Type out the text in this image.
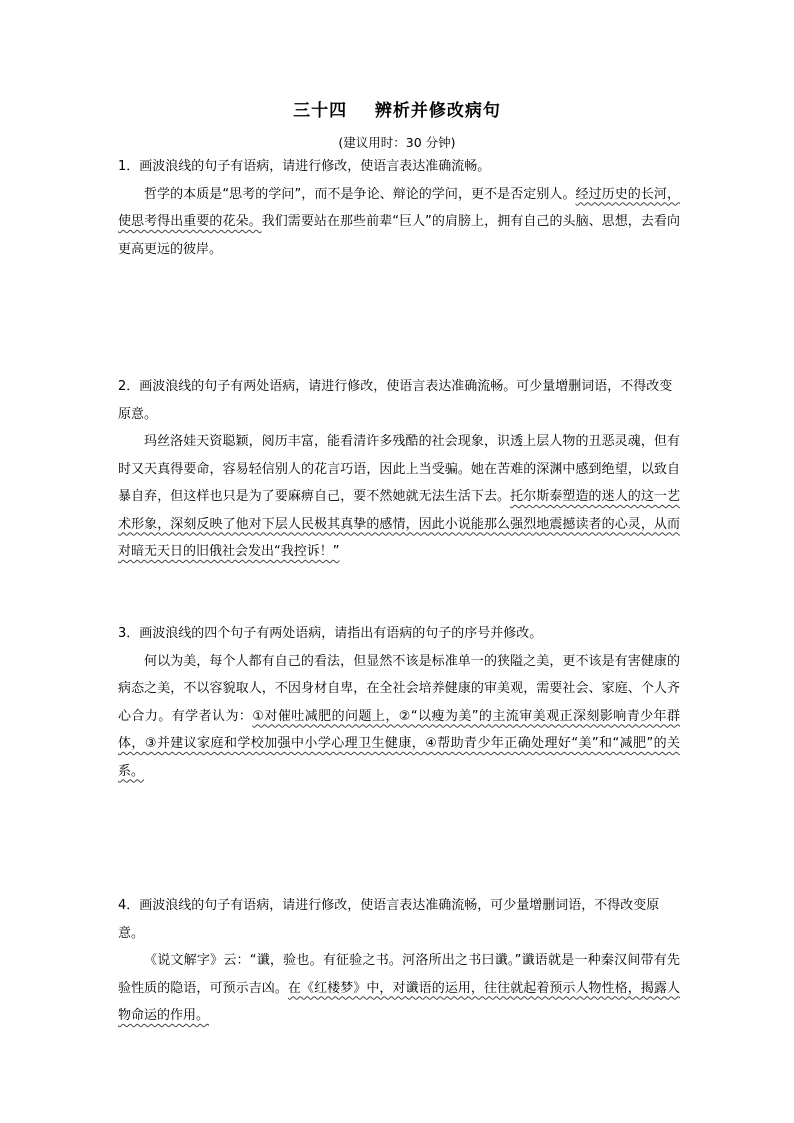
三十四    辨析并修改病句
(建议用时：30 分钟)

1．画波浪线的句子有语病，请进行修改，使语言表达准确流畅。

哲学的本质是“思考的学问”，而不是争论、辩论的学问，更不是否定别人。经过历史的长河，使思考得出重要的花朵。我们需要站在那些前辈“巨人”的肩膀上，拥有自己的头脑、思想，去看向更高更远的彼岸。

2．画波浪线的句子有两处语病，请进行修改，使语言表达准确流畅。可少量增删词语，不得改变原意。

玛丝洛娃天资聪颖，阅历丰富，能看清许多残酷的社会现象，识透上层人物的丑恶灵魂，但有时又天真得要命，容易轻信别人的花言巧语，因此上当受骗。她在苦难的深渊中感到绝望，以致自暴自弃，但这样也只是为了要麻痹自己，要不然她就无法生活下去。托尔斯泰塑造的迷人的这一艺术形象，深刻反映了他对下层人民极其真挚的感情，因此小说能那么强烈地震撼读者的心灵，从而对暗无天日的旧俄社会发出“我控诉！”

3．画波浪线的四个句子有两处语病，请指出有语病的句子的序号并修改。

何以为美，每个人都有自己的看法，但显然不该是标准单一的狭隘之美，更不该是有害健康的病态之美，不以容貌取人，不因身材自卑，在全社会培养健康的审美观，需要社会、家庭、个人齐心合力。有学者认为：①对催吐减肥的问题上，②“以瘦为美”的主流审美观正深刻影响青少年群体，③并建议家庭和学校加强中小学心理卫生健康，④帮助青少年正确处理好“美”和“减肥”的关系。

4．画波浪线的句子有语病，请进行修改，使语言表达准确流畅，可少量增删词语，不得改变原意。

《说文解字》云：“谶，验也。有征验之书。河洛所出之书曰谶。”谶语就是一种秦汉间带有先验性质的隐语，可预示吉凶。在《红楼梦》中，对谶语的运用，往往就起着预示人物性格，揭露人物命运的作用。
